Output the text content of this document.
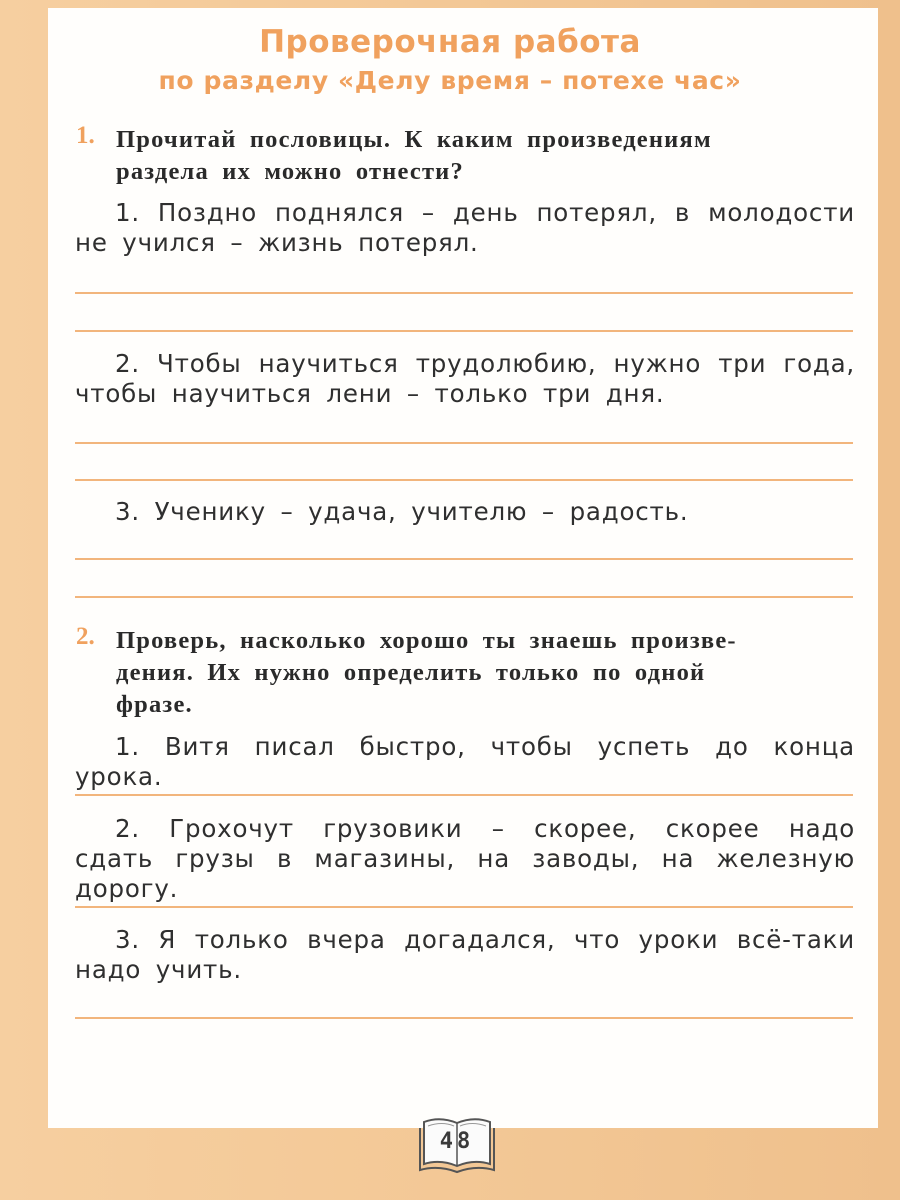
Проверочная работа
по разделу «Делу время – потехе час»
1. Прочитай пословицы. К каким произведениям
раздела их можно отнести?
1. Поздно поднялся – день потерял, в молодости не учился – жизнь потерял.
2. Чтобы научиться трудолюбию, нужно три года, чтобы научиться лени – только три дня.
3. Ученику – удача, учителю – радость.
2. Проверь, насколько хорошо ты знаешь произве-
дения. Их нужно определить только по одной
фразе.
1. Витя писал быстро, чтобы успеть до конца урока.
2. Грохочут грузовики – скорее, скорее надо сдать грузы в магазины, на заводы, на железную дорогу.
3. Я только вчера догадался, что уроки всё-таки надо учить.
48
